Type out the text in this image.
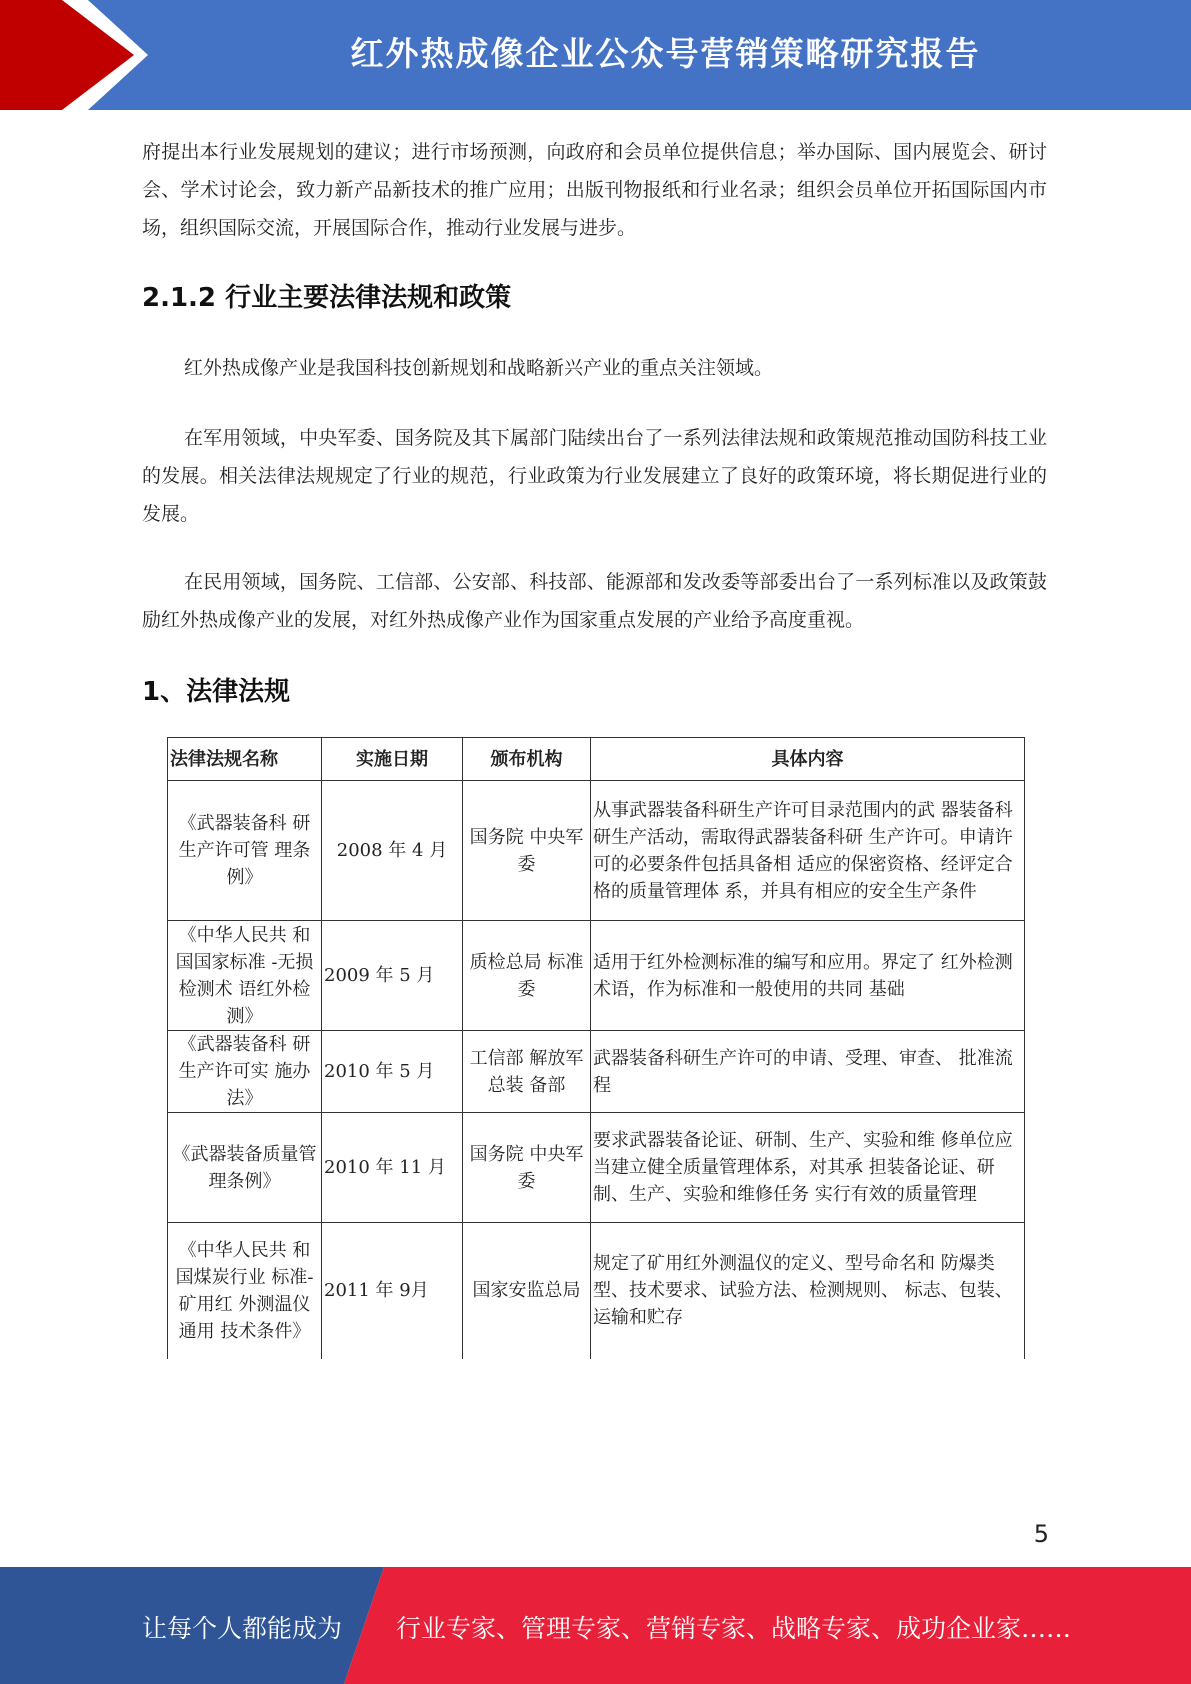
红外热成像企业公众号营销策略研究报告
府提出本行业发展规划的建议；进行市场预测，向政府和会员单位提供信息；举办国际、国内展览会、研讨会、学术讨论会，致力新产品新技术的推广应用；出版刊物报纸和行业名录；组织会员单位开拓国际国内市场，组织国际交流，开展国际合作，推动行业发展与进步。
2.1.2 行业主要法律法规和政策
红外热成像产业是我国科技创新规划和战略新兴产业的重点关注领域。
在军用领域，中央军委、国务院及其下属部门陆续出台了一系列法律法规和政策规范推动国防科技工业的发展。相关法律法规规定了行业的规范，行业政策为行业发展建立了良好的政策环境，将长期促进行业的发展。
在民用领域，国务院、工信部、公安部、科技部、能源部和发改委等部委出台了一系列标准以及政策鼓励红外热成像产业的发展，对红外热成像产业作为国家重点发展的产业给予高度重视。
1、法律法规
法律法规名称	实施日期	颁布机构	具体内容
《武器装备科 研生产许可管 理条例》	2008 年 4 月	国务院 中央军委	从事武器装备科研生产许可目录范围内的武 器装备科研生产活动，需取得武器装备科研 生产许可。申请许可的必要条件包括具备相 适应的保密资格、经评定合格的质量管理体 系，并具有相应的安全生产条件
《中华人民共 和国国家标准 -无损检测术 语红外检测》	2009 年 5 月	质检总局 标准委	适用于红外检测标准的编写和应用。界定了 红外检测术语，作为标准和一般使用的共同 基础
《武器装备科 研生产许可实 施办法》	2010 年 5 月	工信部 解放军总装 备部	武器装备科研生产许可的申请、受理、审查、 批准流程
《武器装备质量管理条例》	2010 年 11 月	国务院 中央军委	要求武器装备论证、研制、生产、实验和维 修单位应当建立健全质量管理体系，对其承 担装备论证、研制、生产、实验和维修任务 实行有效的质量管理
《中华人民共 和国煤炭行业 标准-矿用红 外测温仪通用 技术条件》	2011 年 9月	国家安监总局	规定了矿用红外测温仪的定义、型号命名和 防爆类型、技术要求、试验方法、检测规则、 标志、包装、运输和贮存
5
让每个人都能成为 行业专家、管理专家、营销专家、战略专家、成功企业家……
